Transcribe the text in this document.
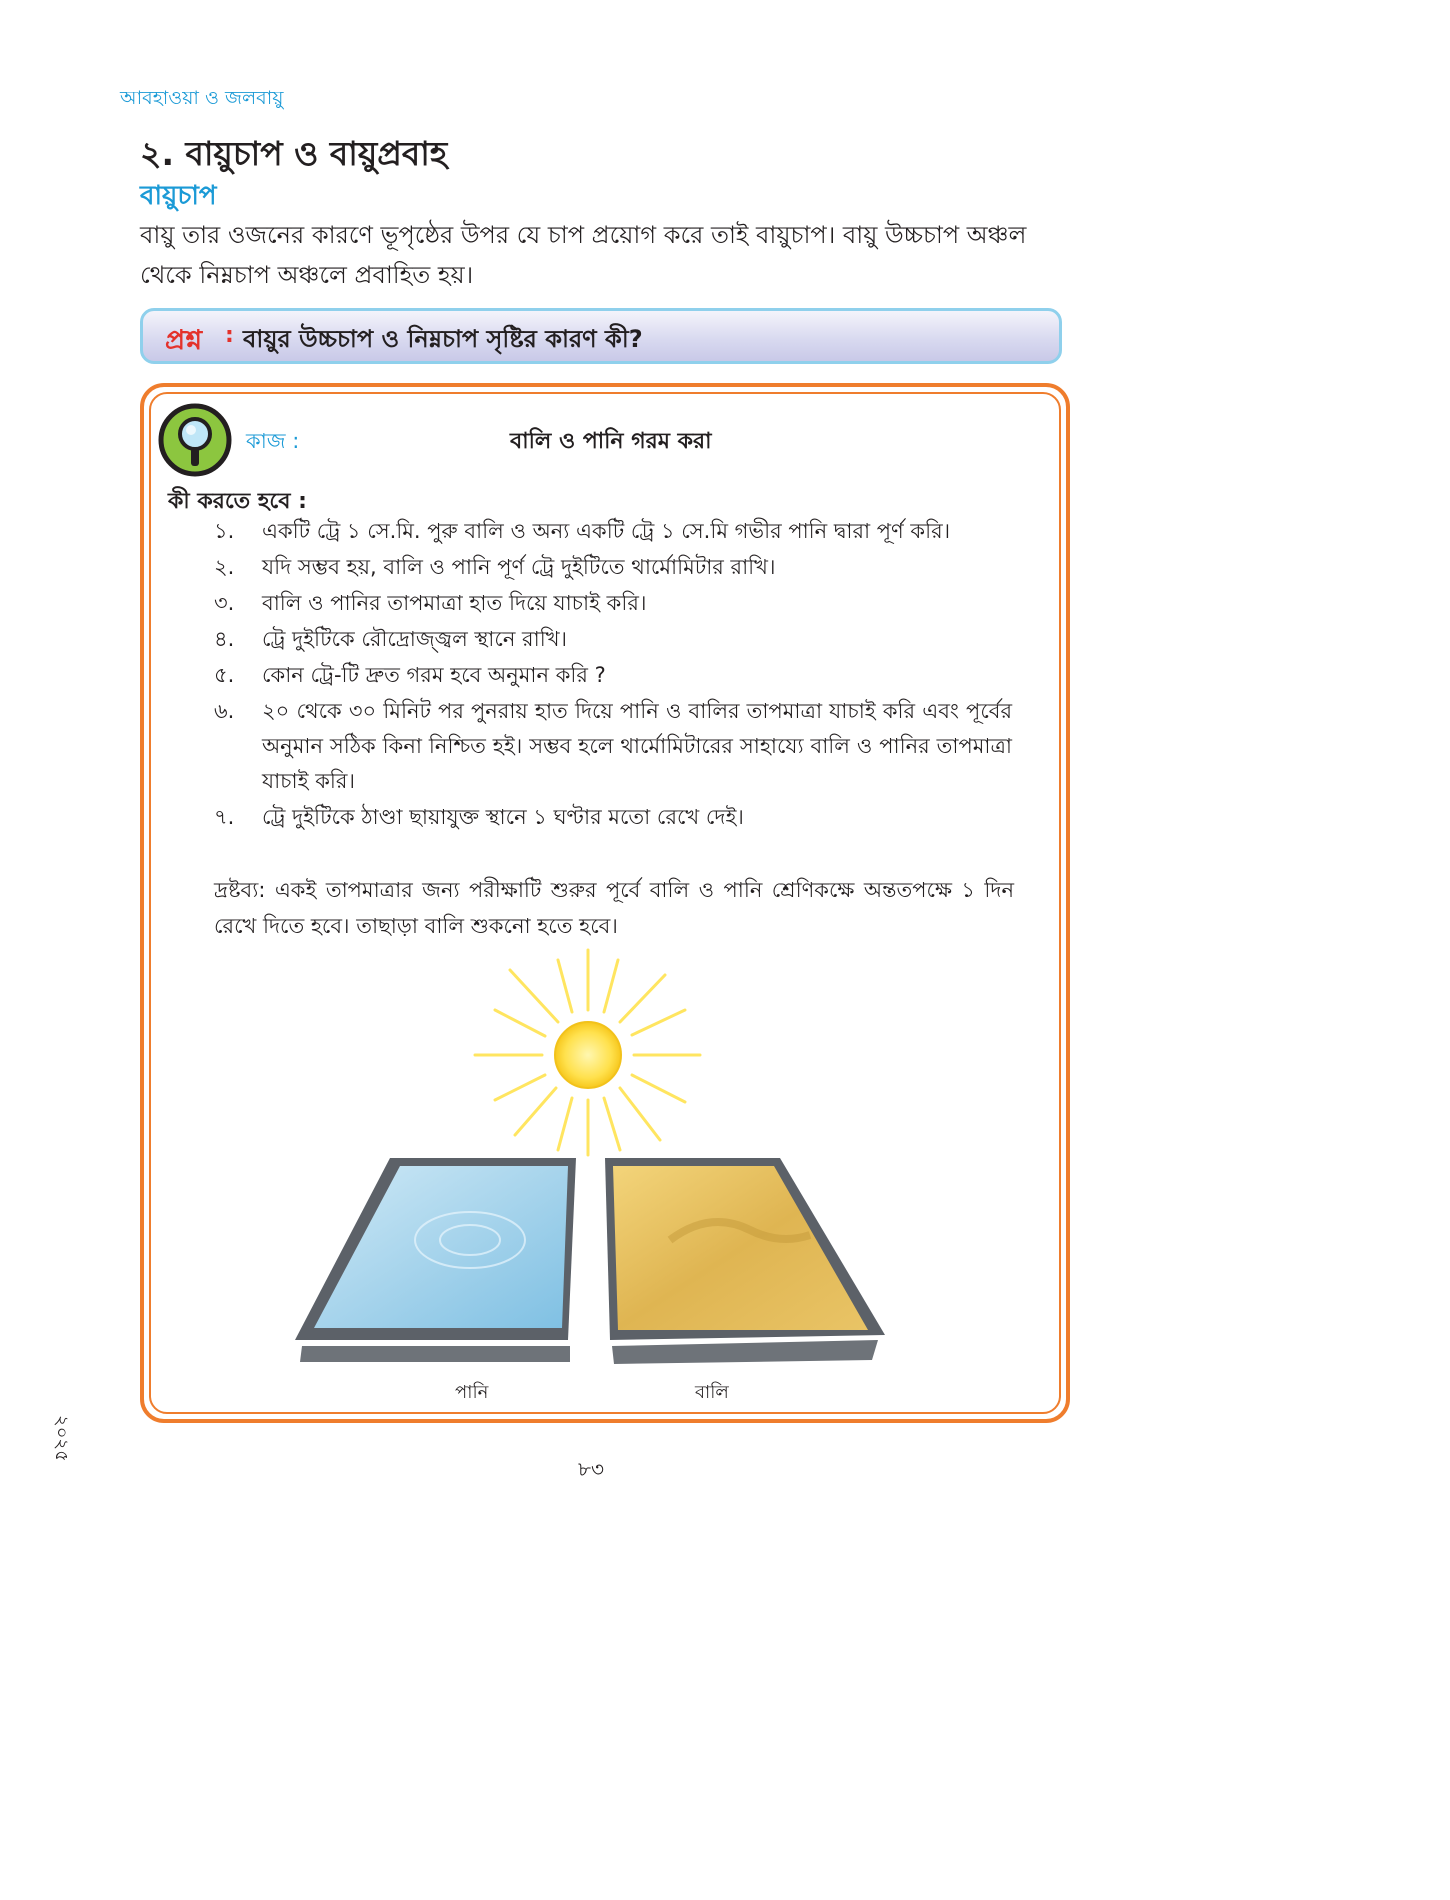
আবহাওয়া ও জলবায়ু
২. বায়ুচাপ ও বায়ুপ্রবাহ
বায়ুচাপ
বায়ু তার ওজনের কারণে ভূপৃষ্ঠের উপর যে চাপ প্রয়োগ করে তাই বায়ুচাপ। বায়ু উচ্চচাপ অঞ্চল থেকে নিম্নচাপ অঞ্চলে প্রবাহিত হয়।
প্রশ্ন : বায়ুর উচ্চচাপ ও নিম্নচাপ সৃষ্টির কারণ কী?
কাজ :	বালি ও পানি গরম করা
কী করতে হবে :
১.	একটি ট্রে ১ সে.মি. পুরু বালি ও অন্য একটি ট্রে ১ সে.মি গভীর পানি দ্বারা পূর্ণ করি।
২.	যদি সম্ভব হয়, বালি ও পানি পূর্ণ ট্রে দুইটিতে থার্মোমিটার রাখি।
৩.	বালি ও পানির তাপমাত্রা হাত দিয়ে যাচাই করি।
৪.	ট্রে দুইটিকে রৌদ্রোজ্জ্বল স্থানে রাখি।
৫.	কোন ট্রে-টি দ্রুত গরম হবে অনুমান করি ?
৬.	২০ থেকে ৩০ মিনিট পর পুনরায় হাত দিয়ে পানি ও বালির তাপমাত্রা যাচাই করি এবং পূর্বের অনুমান সঠিক কিনা নিশ্চিত হই। সম্ভব হলে থার্মোমিটারের সাহায্যে বালি ও পানির তাপমাত্রা যাচাই করি।
৭.	ট্রে দুইটিকে ঠাণ্ডা ছায়াযুক্ত স্থানে ১ ঘণ্টার মতো রেখে দেই।
দ্রষ্টব্য: একই তাপমাত্রার জন্য পরীক্ষাটি শুরুর পূর্বে বালি ও পানি শ্রেণিকক্ষে অন্ততপক্ষে ১ দিন রেখে দিতে হবে। তাছাড়া বালি শুকনো হতে হবে।
পানি	বালি
২০২৫
৮৩
